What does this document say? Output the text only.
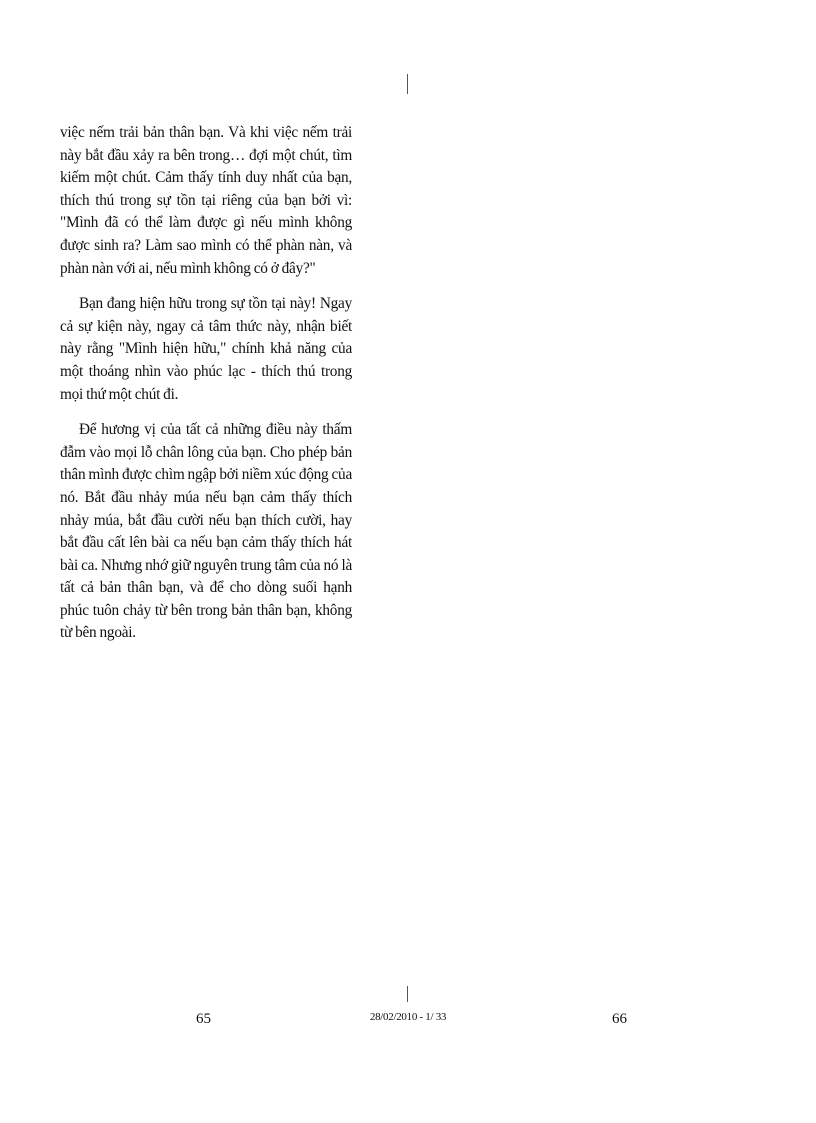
việc nếm trải bản thân bạn. Và khi việc nếm trải này bắt đầu xảy ra bên trong… đợi một chút, tìm kiếm một chút. Cảm thấy tính duy nhất của bạn, thích thú trong sự tồn tại riêng của bạn bởi vì: "Mình đã có thể làm được gì nếu mình không được sinh ra? Làm sao mình có thể phàn nàn, và phàn nàn với ai, nếu mình không có ở đây?"

Bạn đang hiện hữu trong sự tồn tại này! Ngay cả sự kiện này, ngay cả tâm thức này, nhận biết này rằng "Mình hiện hữu," chính khả năng của một thoáng nhìn vào phúc lạc - thích thú trong mọi thứ một chút đi.

Để hương vị của tất cả những điều này thấm đẫm vào mọi lỗ chân lông của bạn. Cho phép bản thân mình được chìm ngập bởi niềm xúc động của nó. Bắt đầu nhảy múa nếu bạn cảm thấy thích nhảy múa, bắt đầu cười nếu bạn thích cười, hay bắt đầu cất lên bài ca nếu bạn cảm thấy thích hát bài ca. Nhưng nhớ giữ nguyên trung tâm của nó là tất cả bản thân bạn, và để cho dòng suối hạnh phúc tuôn chảy từ bên trong bản thân bạn, không từ bên ngoài.

65	28/02/2010 - 1/ 33	66
